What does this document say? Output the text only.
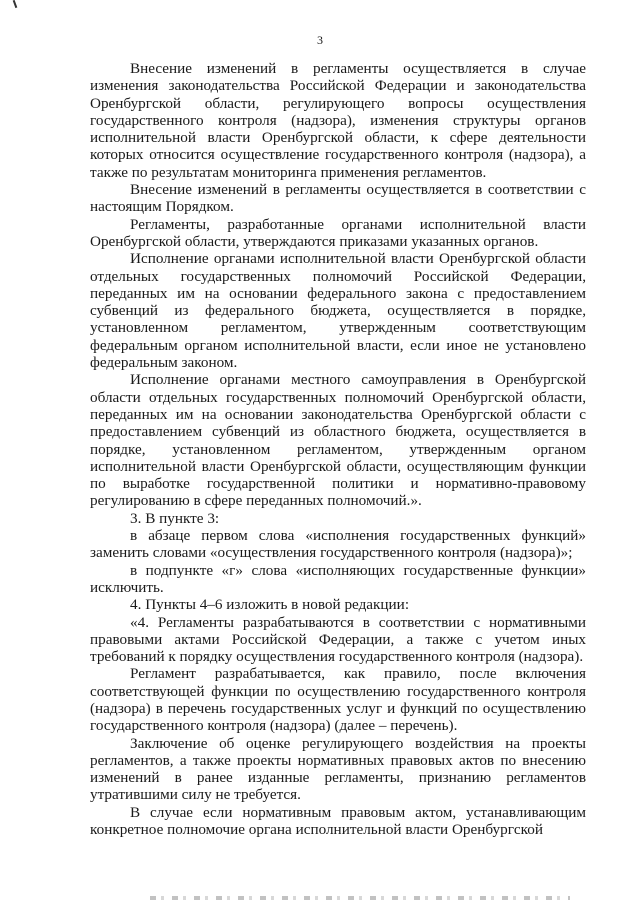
3

Внесение изменений в регламенты осуществляется в случае изменения законодательства Российской Федерации и законодательства Оренбургской области, регулирующего вопросы осуществления государственного контроля (надзора), изменения структуры органов исполнительной власти Оренбургской области, к сфере деятельности которых относится осуществление государственного контроля (надзора), а также по результатам мониторинга применения регламентов.

Внесение изменений в регламенты осуществляется в соответствии с настоящим Порядком.

Регламенты, разработанные органами исполнительной власти Оренбургской области, утверждаются приказами указанных органов.

Исполнение органами исполнительной власти Оренбургской области отдельных государственных полномочий Российской Федерации, переданных им на основании федерального закона с предоставлением субвенций из федерального бюджета, осуществляется в порядке, установленном регламентом, утвержденным соответствующим федеральным органом исполнительной власти, если иное не установлено федеральным законом.

Исполнение органами местного самоуправления в Оренбургской области отдельных государственных полномочий Оренбургской области, переданных им на основании законодательства Оренбургской области с предоставлением субвенций из областного бюджета, осуществляется в порядке, установленном регламентом, утвержденным органом исполнительной власти Оренбургской области, осуществляющим функции по выработке государственной политики и нормативно-правовому регулированию в сфере переданных полномочий.».

3. В пункте 3:

в абзаце первом слова «исполнения государственных функций» заменить словами «осуществления государственного контроля (надзора)»;

в подпункте «г» слова «исполняющих государственные функции» исключить.

4. Пункты 4–6 изложить в новой редакции:

«4. Регламенты разрабатываются в соответствии с нормативными правовыми актами Российской Федерации, а также с учетом иных требований к порядку осуществления государственного контроля (надзора).

Регламент разрабатывается, как правило, после включения соответствующей функции по осуществлению государственного контроля (надзора) в перечень государственных услуг и функций по осуществлению государственного контроля (надзора) (далее – перечень).

Заключение об оценке регулирующего воздействия на проекты регламентов, а также проекты нормативных правовых актов по внесению изменений в ранее изданные регламенты, признанию регламентов утратившими силу не требуется.

В случае если нормативным правовым актом, устанавливающим конкретное полномочие органа исполнительной власти Оренбургской
